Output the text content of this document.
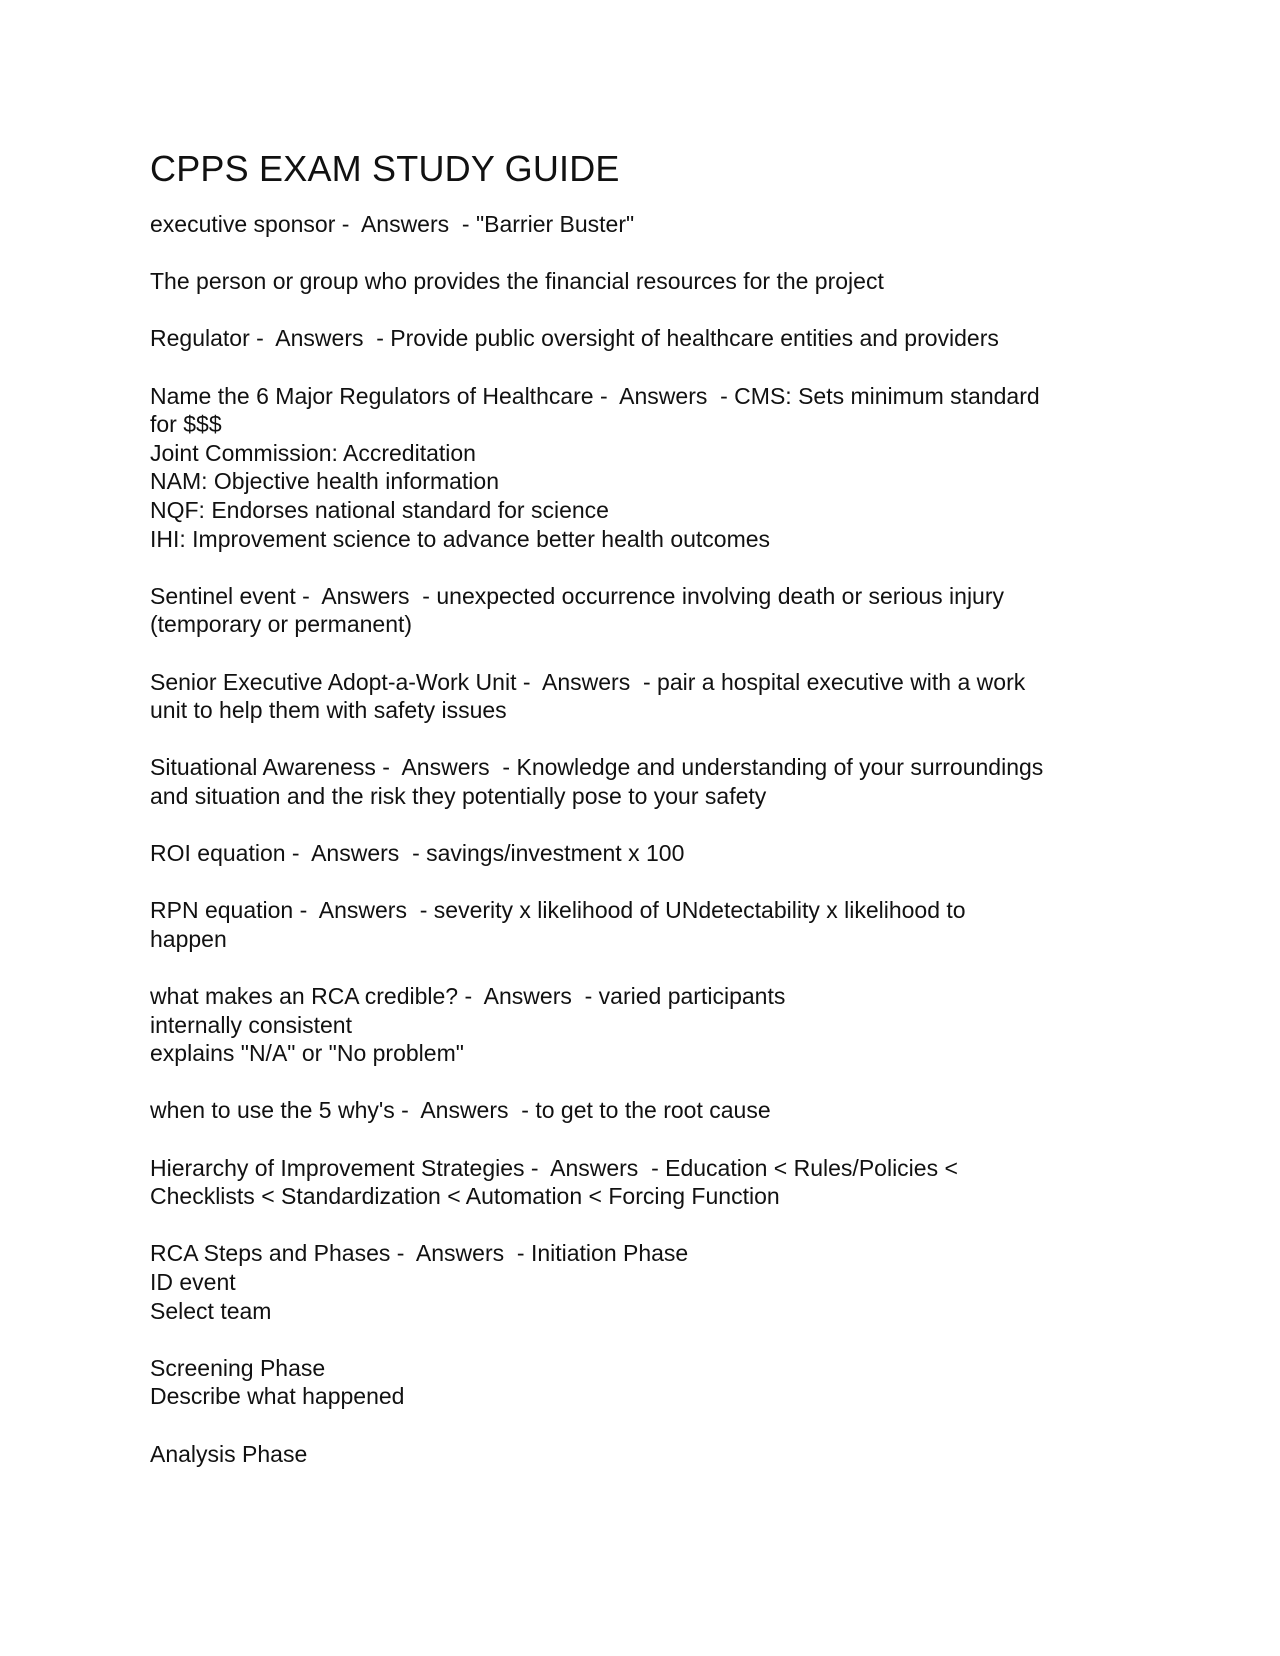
CPPS EXAM STUDY GUIDE
executive sponsor -  Answers  - "Barrier Buster"
The person or group who provides the financial resources for the project
Regulator -  Answers  - Provide public oversight of healthcare entities and providers
Name the 6 Major Regulators of Healthcare -  Answers  - CMS: Sets minimum standard
for $$$
Joint Commission: Accreditation
NAM: Objective health information
NQF: Endorses national standard for science
IHI: Improvement science to advance better health outcomes
Sentinel event -  Answers  - unexpected occurrence involving death or serious injury
(temporary or permanent)
Senior Executive Adopt-a-Work Unit -  Answers  - pair a hospital executive with a work
unit to help them with safety issues
Situational Awareness -  Answers  - Knowledge and understanding of your surroundings
and situation and the risk they potentially pose to your safety
ROI equation -  Answers  - savings/investment x 100
RPN equation -  Answers  - severity x likelihood of UNdetectability x likelihood to
happen
what makes an RCA credible? -  Answers  - varied participants
internally consistent
explains "N/A" or "No problem"
when to use the 5 why's -  Answers  - to get to the root cause
Hierarchy of Improvement Strategies -  Answers  - Education < Rules/Policies <
Checklists < Standardization < Automation < Forcing Function
RCA Steps and Phases -  Answers  - Initiation Phase
ID event
Select team
Screening Phase
Describe what happened
Analysis Phase
